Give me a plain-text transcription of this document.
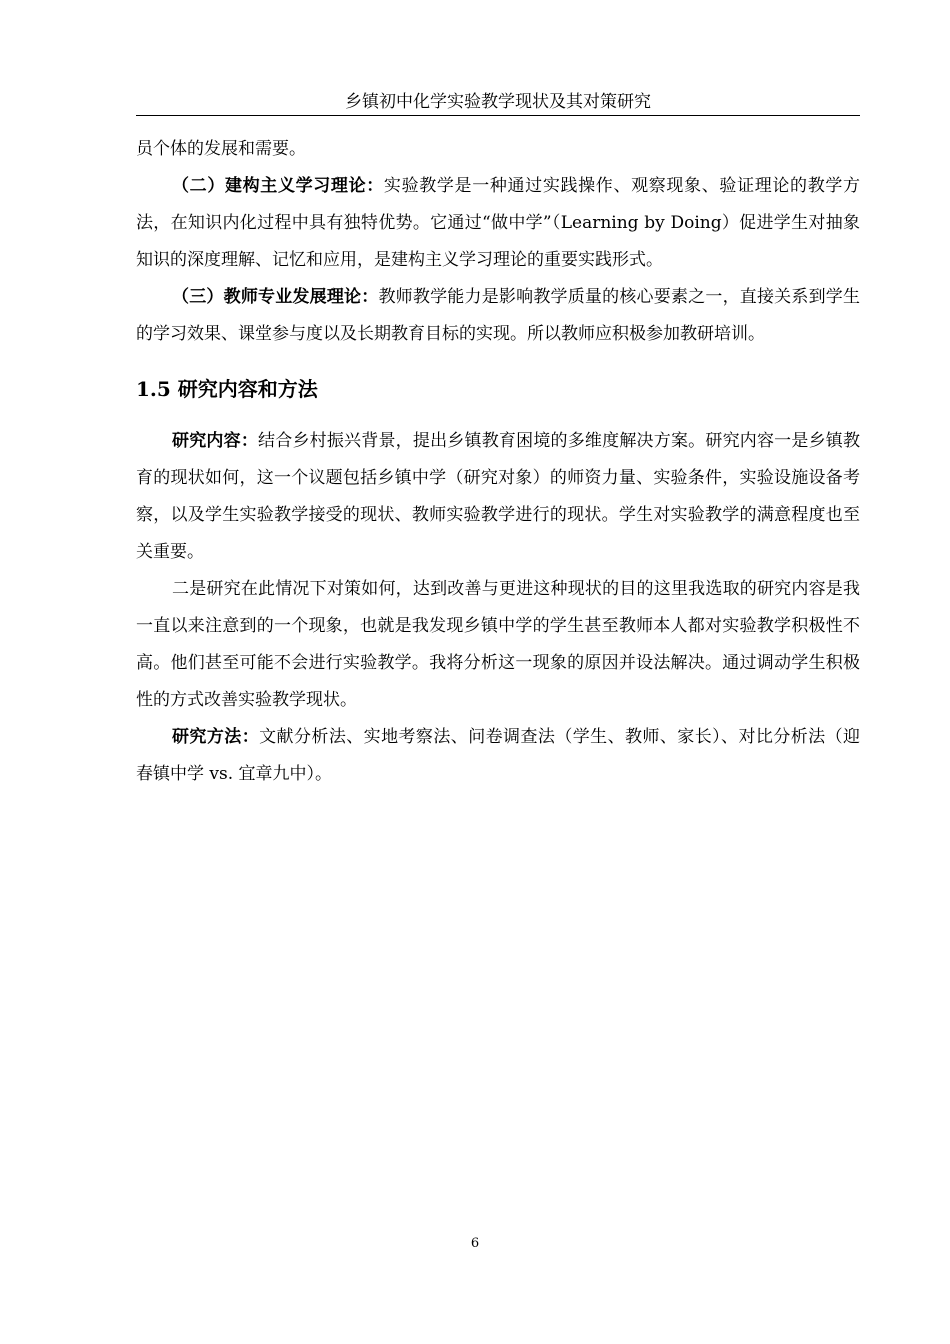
乡镇初中化学实验教学现状及其对策研究

员个体的发展和需要。

（二）建构主义学习理论：实验教学是一种通过实践操作、观察现象、验证理论的教学方法，在知识内化过程中具有独特优势。它通过“做中学”（Learning by Doing）促进学生对抽象知识的深度理解、记忆和应用，是建构主义学习理论的重要实践形式。

（三）教师专业发展理论：教师教学能力是影响教学质量的核心要素之一，直接关系到学生的学习效果、课堂参与度以及长期教育目标的实现。所以教师应积极参加教研培训。

1.5 研究内容和方法

研究内容：结合乡村振兴背景，提出乡镇教育困境的多维度解决方案。研究内容一是乡镇教育的现状如何，这一个议题包括乡镇中学（研究对象）的师资力量、实验条件，实验设施设备考察，以及学生实验教学接受的现状、教师实验教学进行的现状。学生对实验教学的满意程度也至关重要。

二是研究在此情况下对策如何，达到改善与更进这种现状的目的这里我选取的研究内容是我一直以来注意到的一个现象，也就是我发现乡镇中学的学生甚至教师本人都对实验教学积极性不高。他们甚至可能不会进行实验教学。我将分析这一现象的原因并设法解决。通过调动学生积极性的方式改善实验教学现状。

研究方法：文献分析法、实地考察法、问卷调查法（学生、教师、家长）、对比分析法（迎春镇中学 vs. 宜章九中）。

6
